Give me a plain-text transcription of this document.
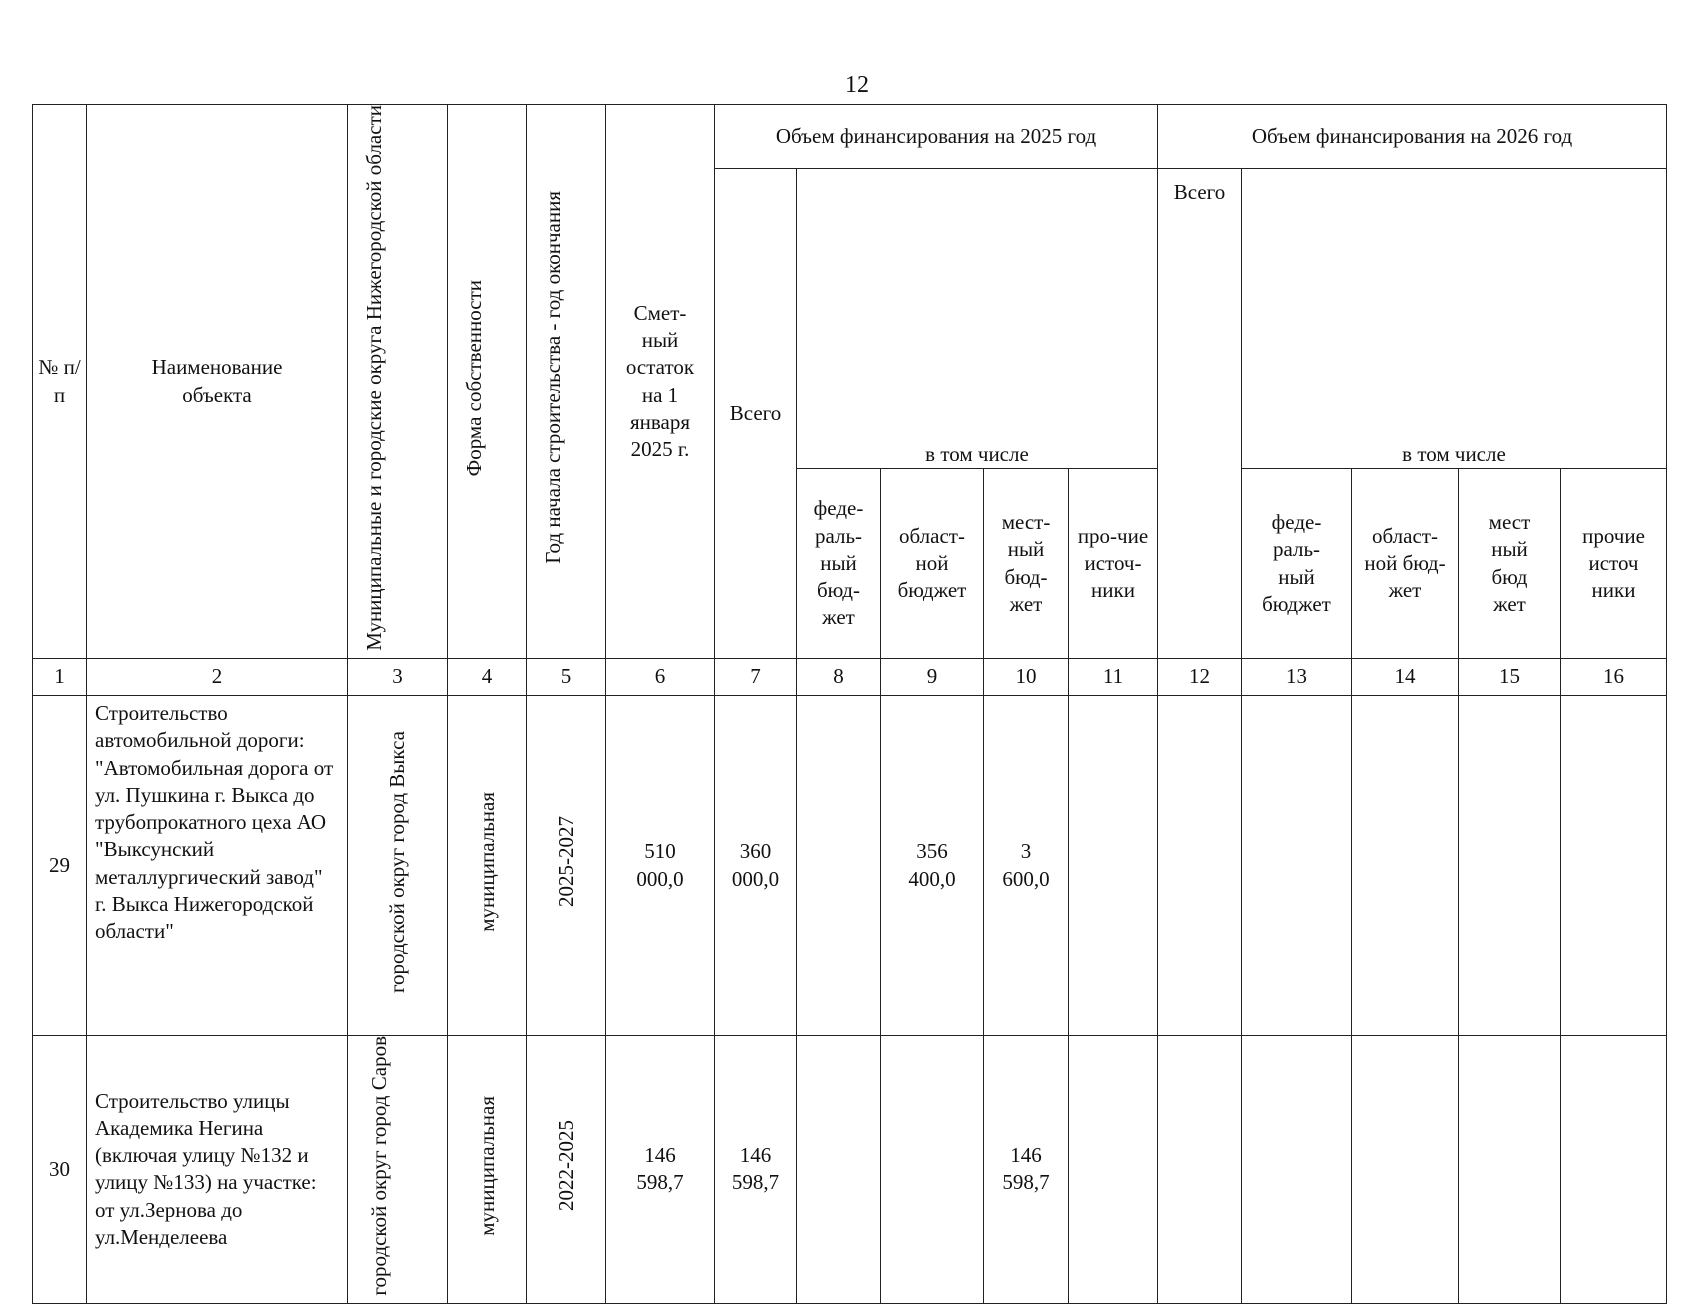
12
№ п/п	Наименование объекта	Муниципальные и городские округа Нижегородской области	Форма собственности	Год начала строительства - год окончания	Смет-ный остаток на 1 января 2025 г.	Объем финансирования на 2025 год					Объем финансирования на 2026 год				
						Всего	в том числе				Всего	в том числе			
							феде-раль-ный бюд-жет	област-ной бюджет	мест-ный бюд-жет	про-чие источ-ники		феде-раль-ный бюджет	област-ной бюд-жет	мест ный бюд жет	прочие источ ники
1	2	3	4	5	6	7	8	9	10	11	12	13	14	15	16
29	Строительство автомобильной дороги: "Автомобильная дорога от ул. Пушкина г. Выкса до трубопрокатного цеха АО "Выксунский металлургический завод" г. Выкса Нижегородской области"	городской округ город Выкса	муниципальная	2025-2027	510 000,0	360 000,0		356 400,0	3 600,0						
30	Строительство улицы Академика Негина (включая улицу №132 и улицу №133) на участке: от ул.Зернова до ул.Менделеева	городской округ город Саров	муниципальная	2022-2025	146 598,7	146 598,7			146 598,7						
